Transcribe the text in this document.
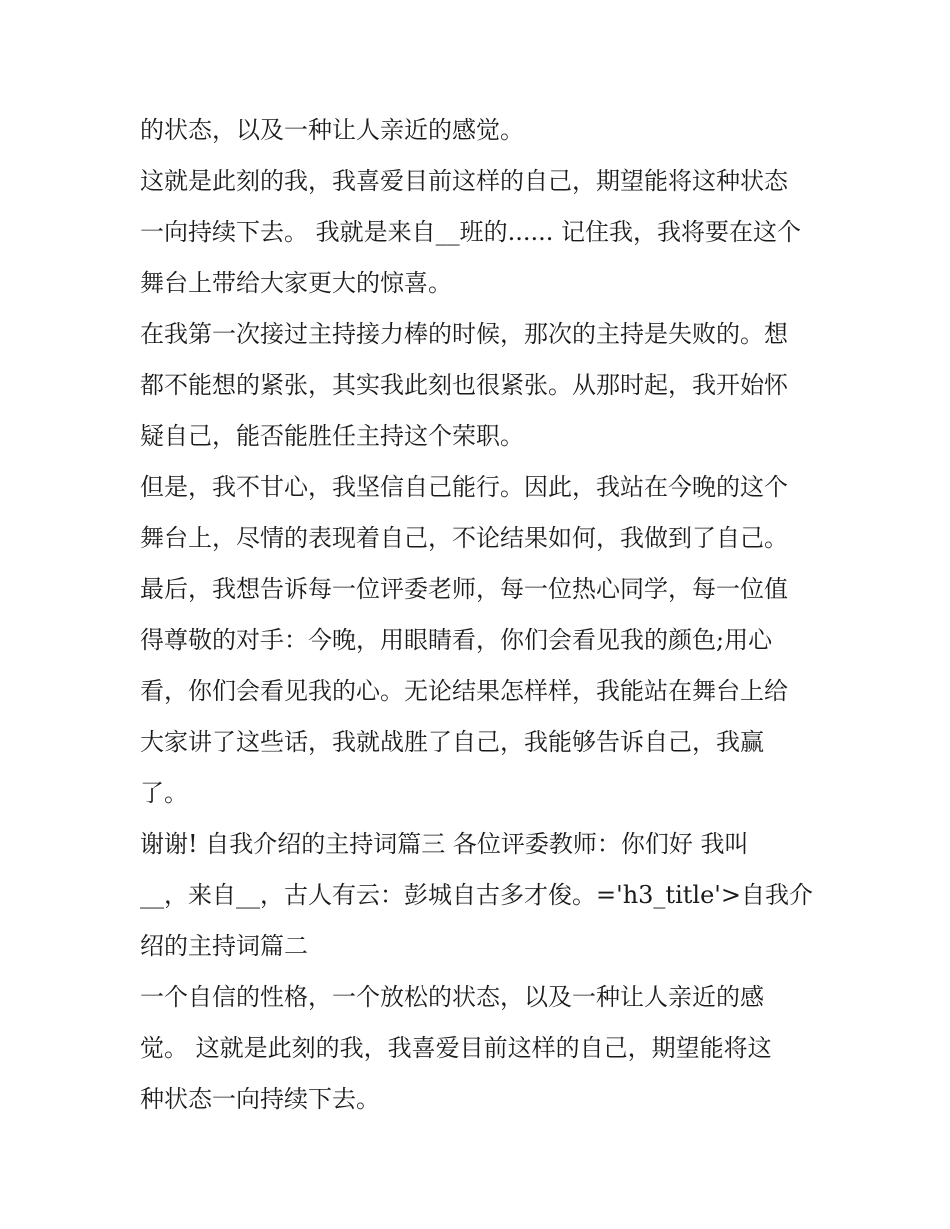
的状态，以及一种让人亲近的感觉。
这就是此刻的我，我喜爱目前这样的自己，期望能将这种状态
一向持续下去。 我就是来自__班的...... 记住我，我将要在这个
舞台上带给大家更大的惊喜。
在我第一次接过主持接力棒的时候，那次的主持是失败的。想
都不能想的紧张，其实我此刻也很紧张。从那时起，我开始怀
疑自己，能否能胜任主持这个荣职。
但是，我不甘心，我坚信自己能行。因此，我站在今晚的这个
舞台上，尽情的表现着自己，不论结果如何，我做到了自己。
最后，我想告诉每一位评委老师，每一位热心同学，每一位值
得尊敬的对手：今晚，用眼睛看，你们会看见我的颜色;用心
看，你们会看见我的心。无论结果怎样样，我能站在舞台上给
大家讲了这些话，我就战胜了自己，我能够告诉自己，我赢
了。
谢谢! 自我介绍的主持词篇三 各位评委教师：你们好 我叫
__，来自__，古人有云：彭城自古多才俊。='h3_title'>自我介
绍的主持词篇二
一个自信的性格，一个放松的状态，以及一种让人亲近的感
觉。 这就是此刻的我，我喜爱目前这样的自己，期望能将这
种状态一向持续下去。
